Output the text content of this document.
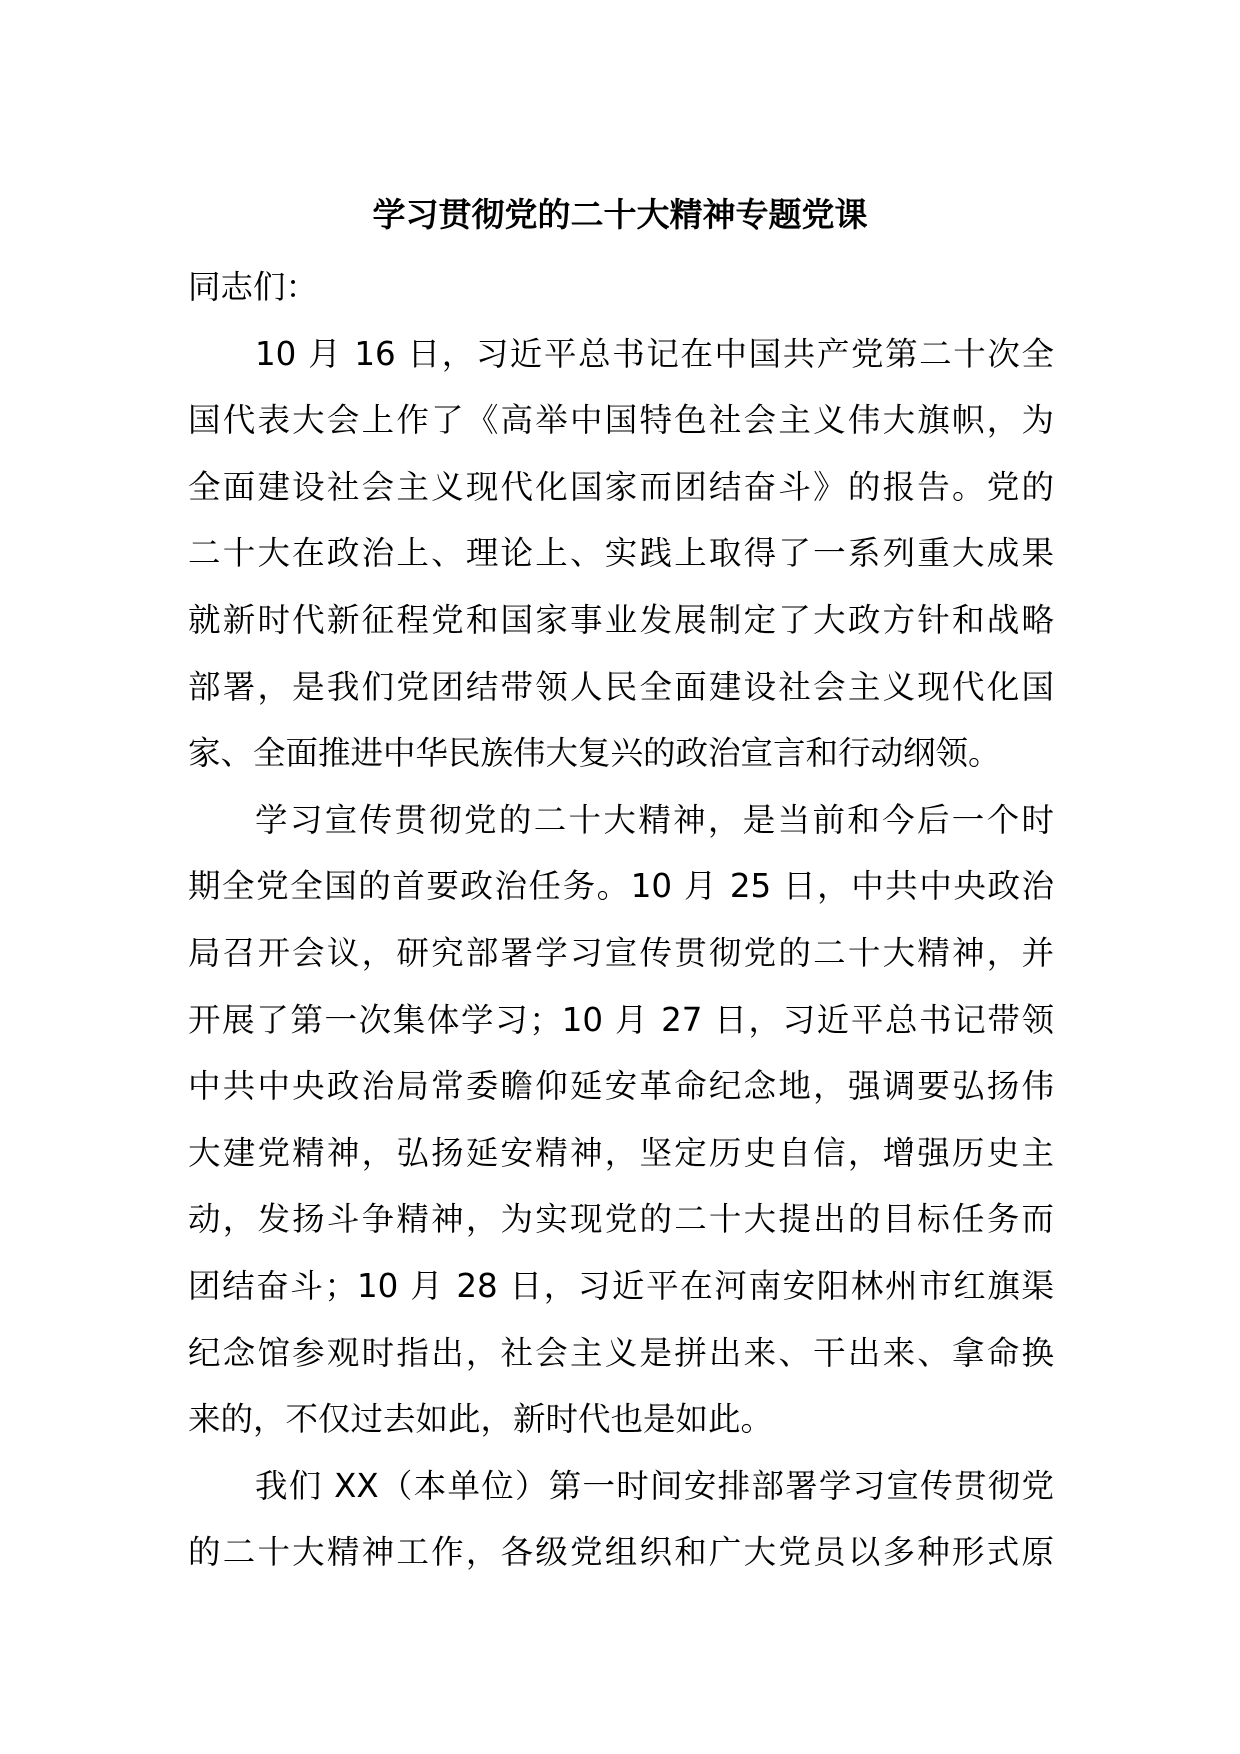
学习贯彻党的二十大精神专题党课
同志们：
10 月 16 日，习近平总书记在中国共产党第二十次全
国代表大会上作了《高举中国特色社会主义伟大旗帜，为
全面建设社会主义现代化国家而团结奋斗》的报告。党的
二十大在政治上、理论上、实践上取得了一系列重大成果
就新时代新征程党和国家事业发展制定了大政方针和战略
部署，是我们党团结带领人民全面建设社会主义现代化国
家、全面推进中华民族伟大复兴的政治宣言和行动纲领。
学习宣传贯彻党的二十大精神，是当前和今后一个时
期全党全国的首要政治任务。10 月 25 日，中共中央政治
局召开会议，研究部署学习宣传贯彻党的二十大精神，并
开展了第一次集体学习；10 月 27 日，习近平总书记带领
中共中央政治局常委瞻仰延安革命纪念地，强调要弘扬伟
大建党精神，弘扬延安精神，坚定历史自信，增强历史主
动，发扬斗争精神，为实现党的二十大提出的目标任务而
团结奋斗；10 月 28 日，习近平在河南安阳林州市红旗渠
纪念馆参观时指出，社会主义是拼出来、干出来、拿命换
来的，不仅过去如此，新时代也是如此。
我们 XX（本单位）第一时间安排部署学习宣传贯彻党
的二十大精神工作，各级党组织和广大党员以多种形式原
